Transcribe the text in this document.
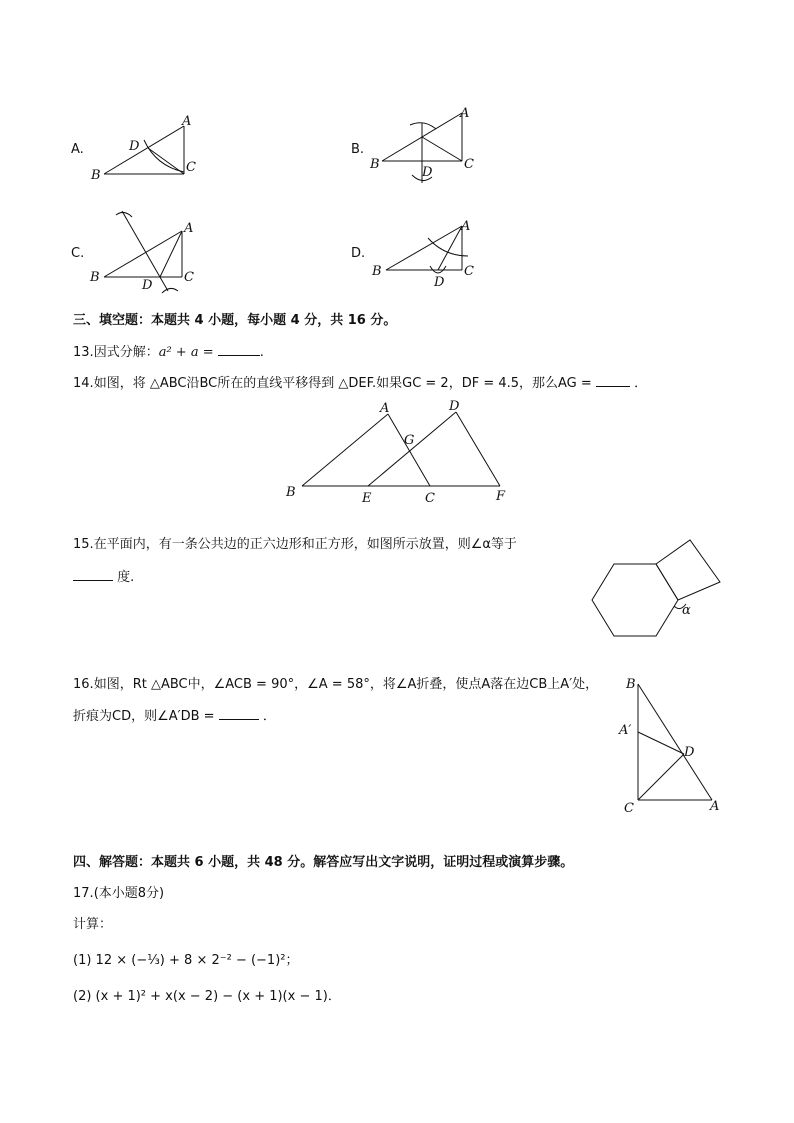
A.
A
B
C
D	B.
A
B	C
D
C.
A
B	C
D
D.
A
B	C
D
三、填空题：本题共 4 小题，每小题 4 分，共 16 分。
13.因式分解：a² + a =	.
14.如图，将 △ABC沿BC所在的直线平移得到 △DEF.如果GC = 2，DF = 4.5，那么AG =	．
A	D
G
B	E	C	F
15.在平面内，有一条公共边的正六边形和正方形，如图所示放置，则∠α等于
度.
α
16.如图，Rt △ABC中，∠ACB = 90°，∠A = 58°，将∠A折叠，使点A落在边CB上A′处，
折痕为CD，则∠A′DB =	．
B
A′
D
C	A
四、解答题：本题共 6 小题，共 48 分。解答应写出文字说明，证明过程或演算步骤。
17.(本小题8分)
计算：
(1) 12 × (−⅓) + 8 × 2⁻² − (−1)²；
(2) (x + 1)² + x(x − 2) − (x + 1)(x − 1)．
